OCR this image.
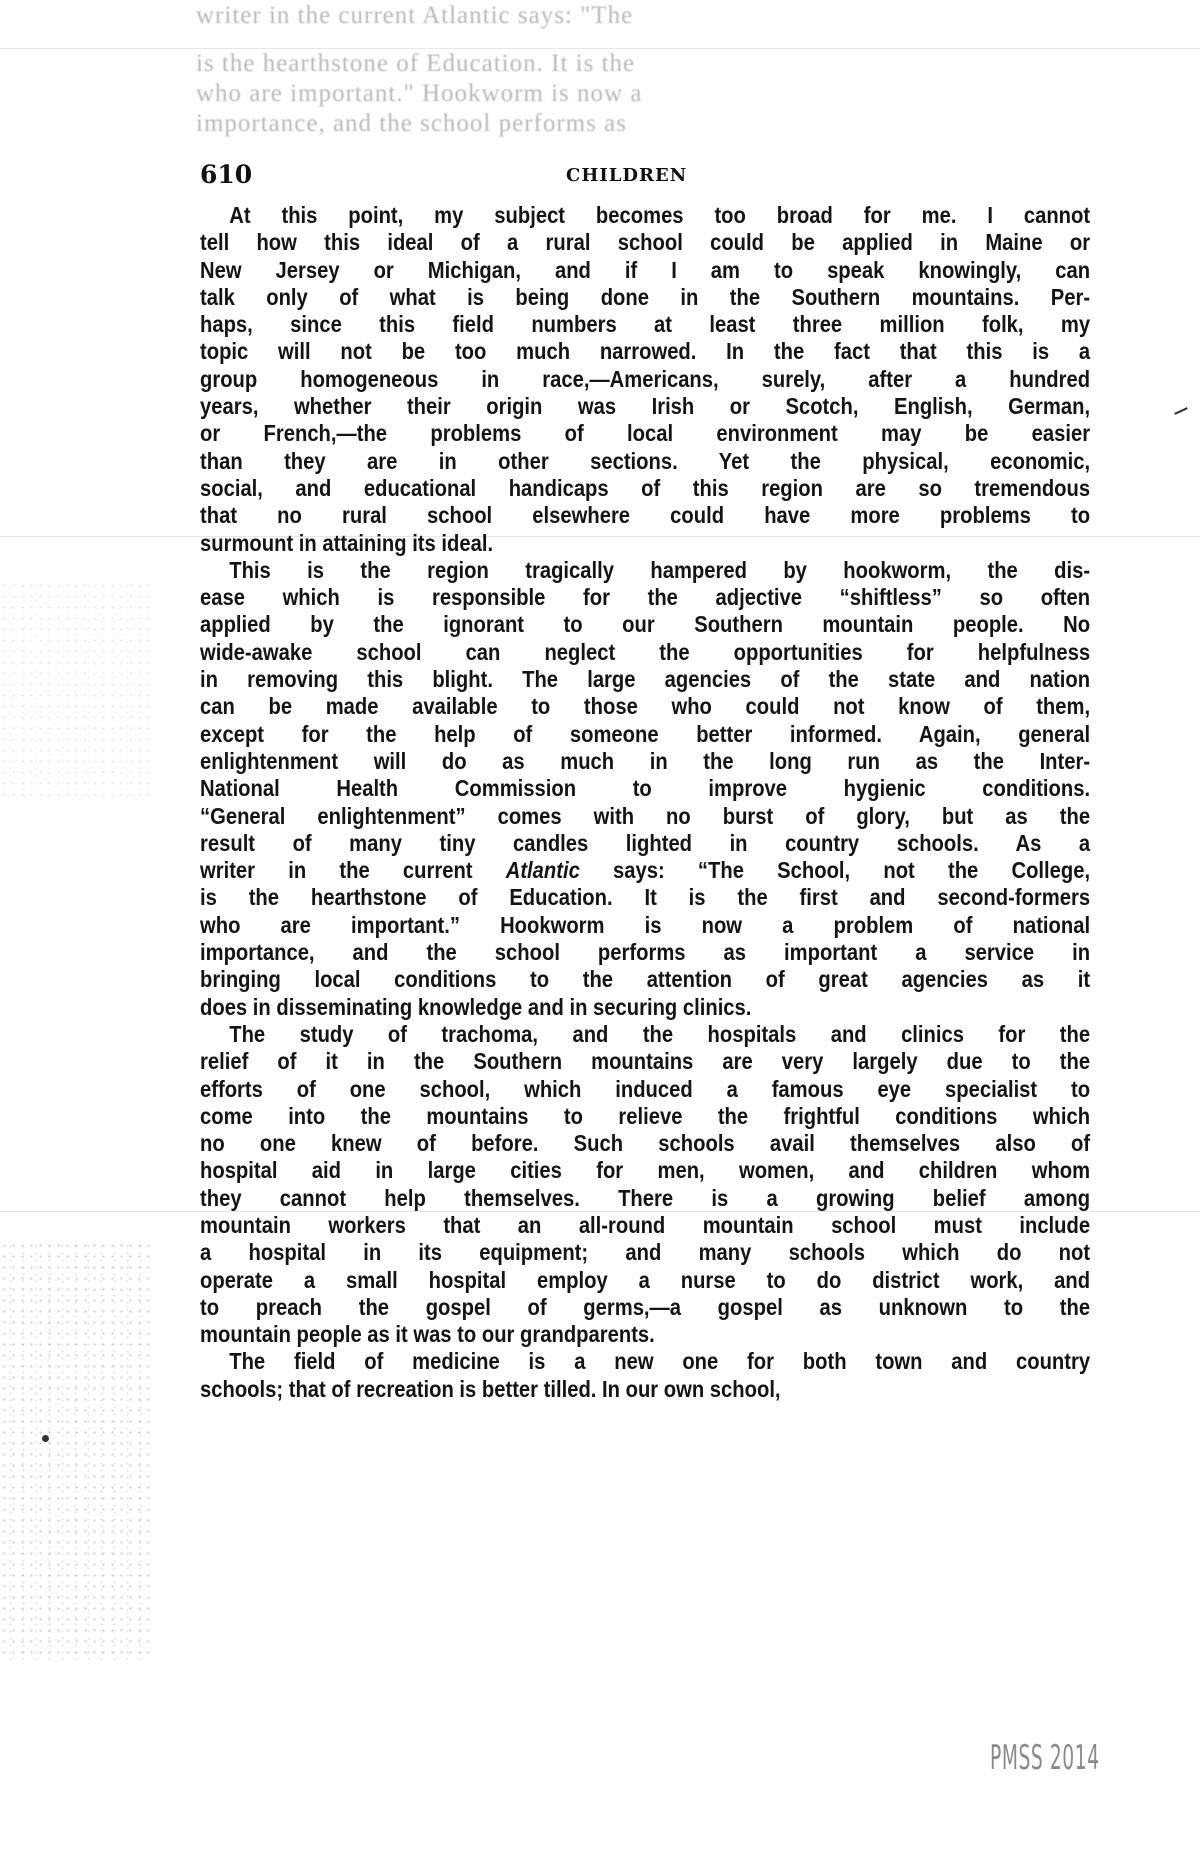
writer in the current Atlantic says: "The
is the hearthstone of Education. It is the
who are important." Hookworm is now a
importance, and the school performs as
610	CHILDREN
At this point, my subject becomes too broad for me. I cannot
tell how this ideal of a rural school could be applied in Maine or
New Jersey or Michigan, and if I am to speak knowingly, can
talk only of what is being done in the Southern mountains. Per-
haps, since this field numbers at least three million folk, my
topic will not be too much narrowed. In the fact that this is a
group homogeneous in race,—Americans, surely, after a hundred
years, whether their origin was Irish or Scotch, English, German,
or French,—the problems of local environment may be easier
than they are in other sections. Yet the physical, economic,
social, and educational handicaps of this region are so tremendous
that no rural school elsewhere could have more problems to
surmount in attaining its ideal.
This is the region tragically hampered by hookworm, the dis-
ease which is responsible for the adjective “shiftless” so often
applied by the ignorant to our Southern mountain people. No
wide-awake school can neglect the opportunities for helpfulness
in removing this blight. The large agencies of the state and nation
can be made available to those who could not know of them,
except for the help of someone better informed. Again, general
enlightenment will do as much in the long run as the Inter-
National Health Commission to improve hygienic conditions.
“General enlightenment” comes with no burst of glory, but as the
result of many tiny candles lighted in country schools. As a
writer in the current Atlantic says: “The School, not the College,
is the hearthstone of Education. It is the first and second-formers
who are important.” Hookworm is now a problem of national
importance, and the school performs as important a service in
bringing local conditions to the attention of great agencies as it
does in disseminating knowledge and in securing clinics.
The study of trachoma, and the hospitals and clinics for the
relief of it in the Southern mountains are very largely due to the
efforts of one school, which induced a famous eye specialist to
come into the mountains to relieve the frightful conditions which
no one knew of before. Such schools avail themselves also of
hospital aid in large cities for men, women, and children whom
they cannot help themselves. There is a growing belief among
mountain workers that an all-round mountain school must include
a hospital in its equipment; and many schools which do not
operate a small hospital employ a nurse to do district work, and
to preach the gospel of germs,—a gospel as unknown to the
mountain people as it was to our grandparents.
The field of medicine is a new one for both town and country
schools; that of recreation is better tilled. In our own school,
PMSS 2014
